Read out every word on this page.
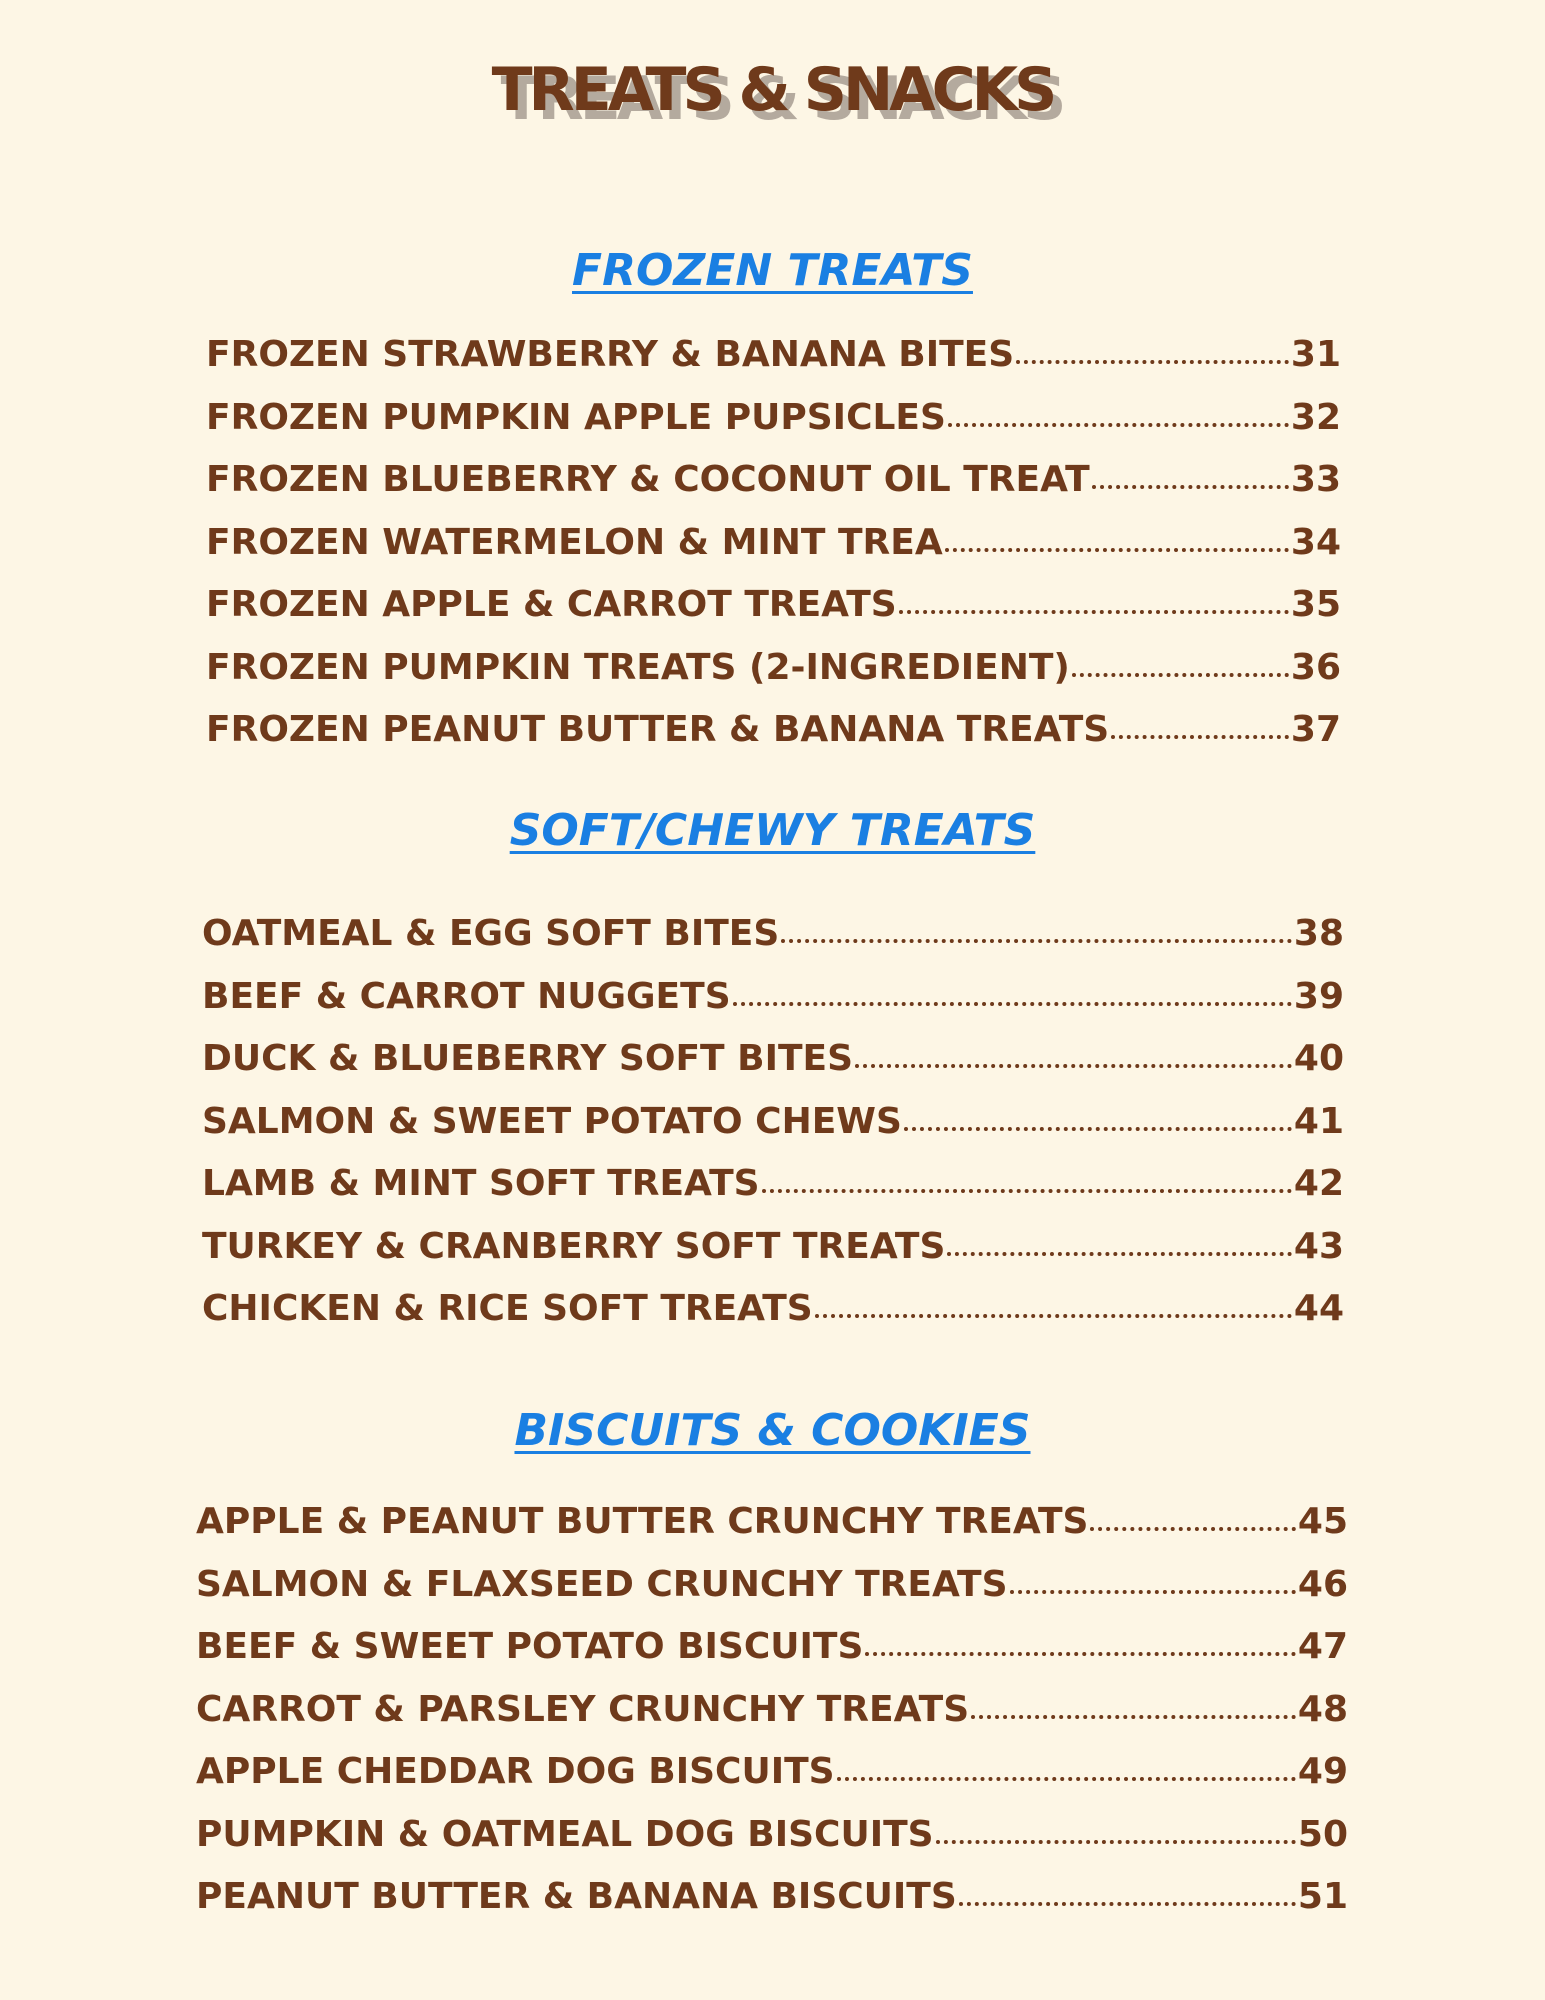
TREATS & SNACKS
FROZEN TREATS
FROZEN STRAWBERRY & BANANA BITES	31
FROZEN PUMPKIN APPLE PUPSICLES	32
FROZEN BLUEBERRY & COCONUT OIL TREAT	33
FROZEN WATERMELON & MINT TREA	34
FROZEN APPLE & CARROT TREATS	35
FROZEN PUMPKIN TREATS (2-INGREDIENT)	36
FROZEN PEANUT BUTTER & BANANA TREATS	37
SOFT/CHEWY TREATS
OATMEAL & EGG SOFT BITES	38
BEEF & CARROT NUGGETS	39
DUCK & BLUEBERRY SOFT BITES	40
SALMON & SWEET POTATO CHEWS	41
LAMB & MINT SOFT TREATS	42
TURKEY & CRANBERRY SOFT TREATS	43
CHICKEN & RICE SOFT TREATS	44
BISCUITS & COOKIES
APPLE & PEANUT BUTTER CRUNCHY TREATS	45
SALMON & FLAXSEED CRUNCHY TREATS	46
BEEF & SWEET POTATO BISCUITS	47
CARROT & PARSLEY CRUNCHY TREATS	48
APPLE CHEDDAR DOG BISCUITS	49
PUMPKIN & OATMEAL DOG BISCUITS	50
PEANUT BUTTER & BANANA BISCUITS	51
